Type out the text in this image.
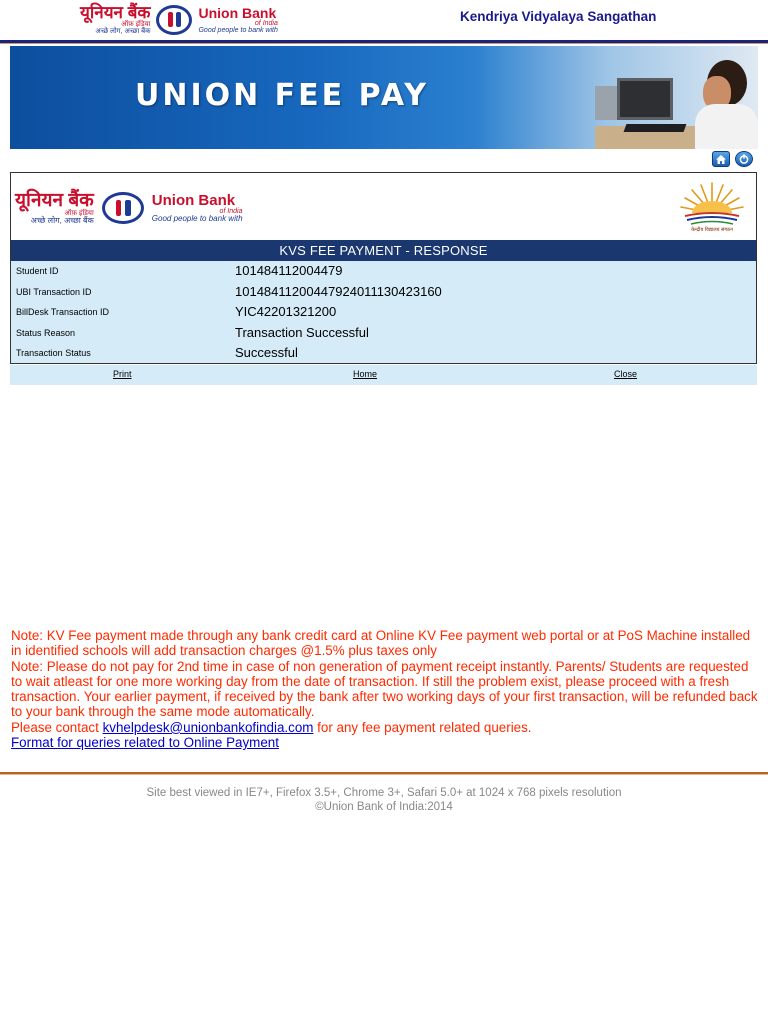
यूनियन बैंक
ऑफ़ इंडिया
अच्छे लोग, अच्छा बैंक
Union Bank
of India
Good people to bank with
Kendriya Vidyalaya Sangathan
UNION FEE PAY
यूनियन बैंक
ऑफ़ इंडिया
अच्छे लोग, अच्छा बैंक
Union Bank
of India
Good people to bank with
केन्द्रीय विद्यालय संगठन
KVS FEE PAYMENT - RESPONSE
Student ID	101484112004479
UBI Transaction ID	10148411200447924011130423160
BillDesk Transaction ID	YIC42201321200
Status Reason	Transaction Successful
Transaction Status	Successful
Print	Home	Close

Note: KV Fee payment made through any bank credit card at Online KV Fee payment web portal or at PoS Machine installed in identified schools will add transaction charges @1.5% plus taxes only

Note: Please do not pay for 2nd time in case of non generation of payment receipt instantly. Parents/ Students are requested to wait atleast for one more working day from the date of transaction. If still the problem exist, please proceed with a fresh transaction. Your earlier payment, if received by the bank after two working days of your first transaction, will be refunded back to your bank through the same mode automatically.

Please contact kvhelpdesk@unionbankofindia.com for any fee payment related queries.

Format for queries related to Online Payment

Site best viewed in IE7+, Firefox 3.5+, Chrome 3+, Safari 5.0+ at 1024 x 768 pixels resolution
©Union Bank of India:2014
